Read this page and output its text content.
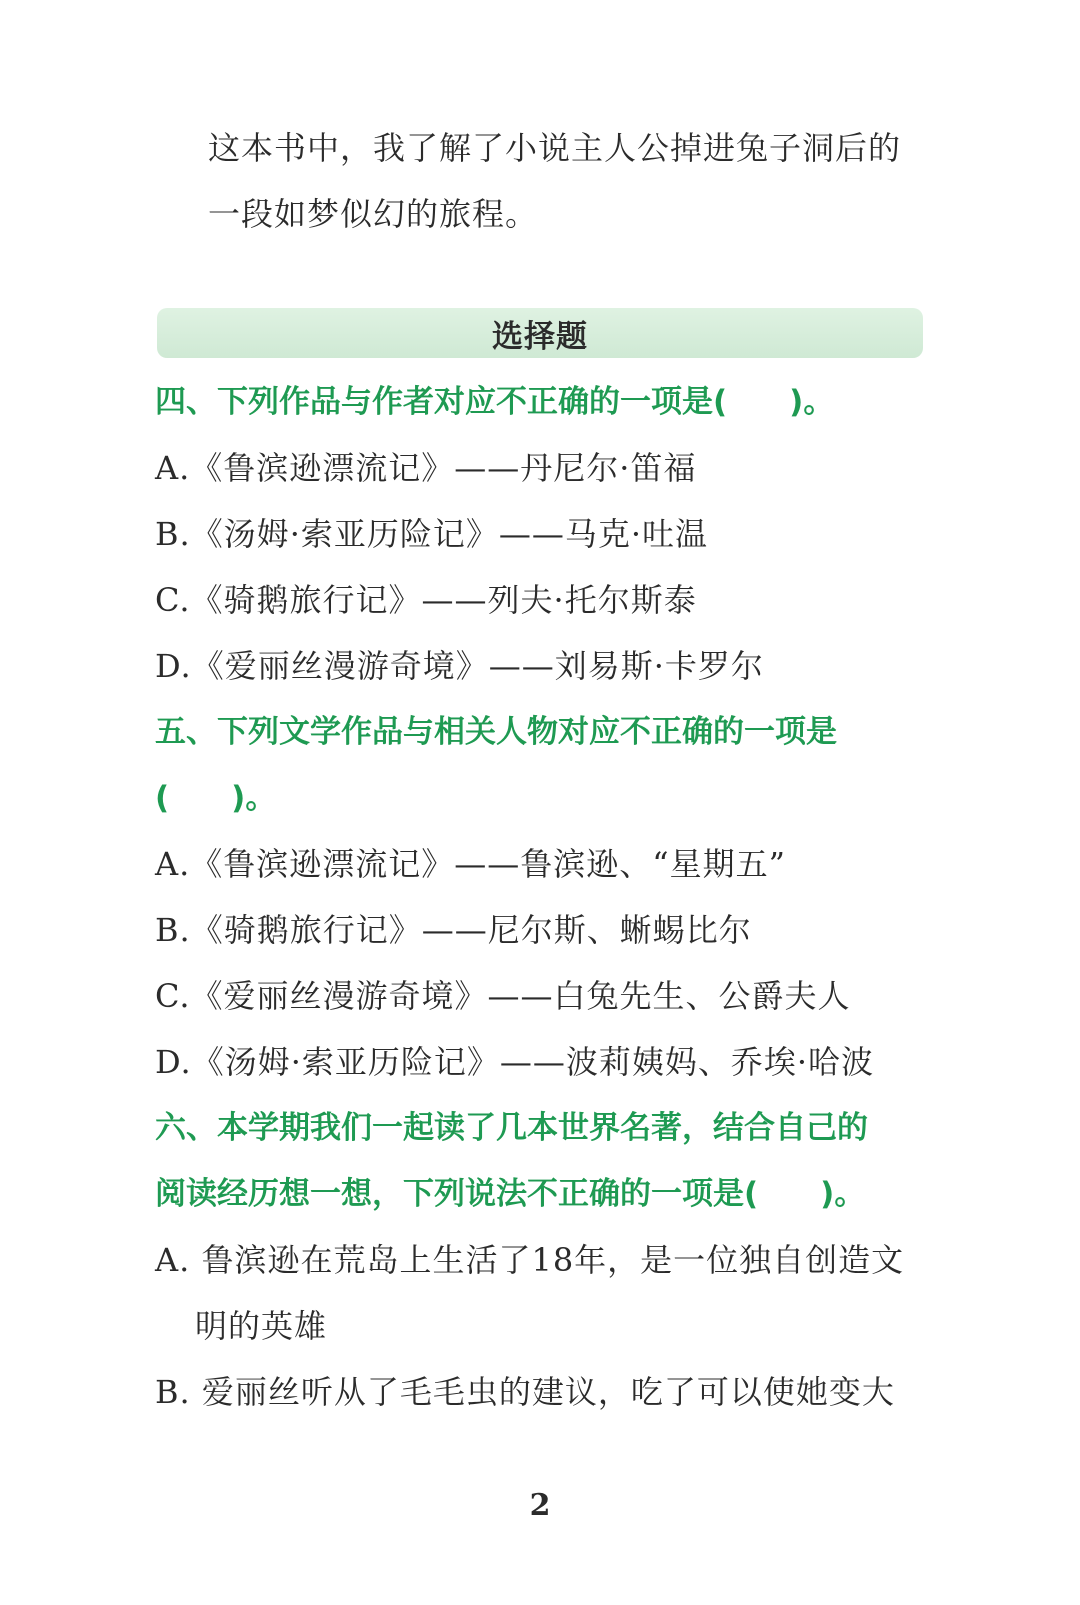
这本书中，我了解了小说主人公掉进兔子洞后的
一段如梦似幻的旅程。
选择题
四、下列作品与作者对应不正确的一项是(　　)。
A.《鲁滨逊漂流记》——丹尼尔·笛福
B.《汤姆·索亚历险记》——马克·吐温
C.《骑鹅旅行记》——列夫·托尔斯泰
D.《爱丽丝漫游奇境》——刘易斯·卡罗尔
五、下列文学作品与相关人物对应不正确的一项是
(　　)。
A.《鲁滨逊漂流记》——鲁滨逊、“星期五”
B.《骑鹅旅行记》——尼尔斯、蜥蜴比尔
C.《爱丽丝漫游奇境》——白兔先生、公爵夫人
D.《汤姆·索亚历险记》——波莉姨妈、乔埃·哈波
六、本学期我们一起读了几本世界名著，结合自己的
阅读经历想一想，下列说法不正确的一项是(　　)。
A. 鲁滨逊在荒岛上生活了18年，是一位独自创造文
明的英雄
B. 爱丽丝听从了毛毛虫的建议，吃了可以使她变大
2
